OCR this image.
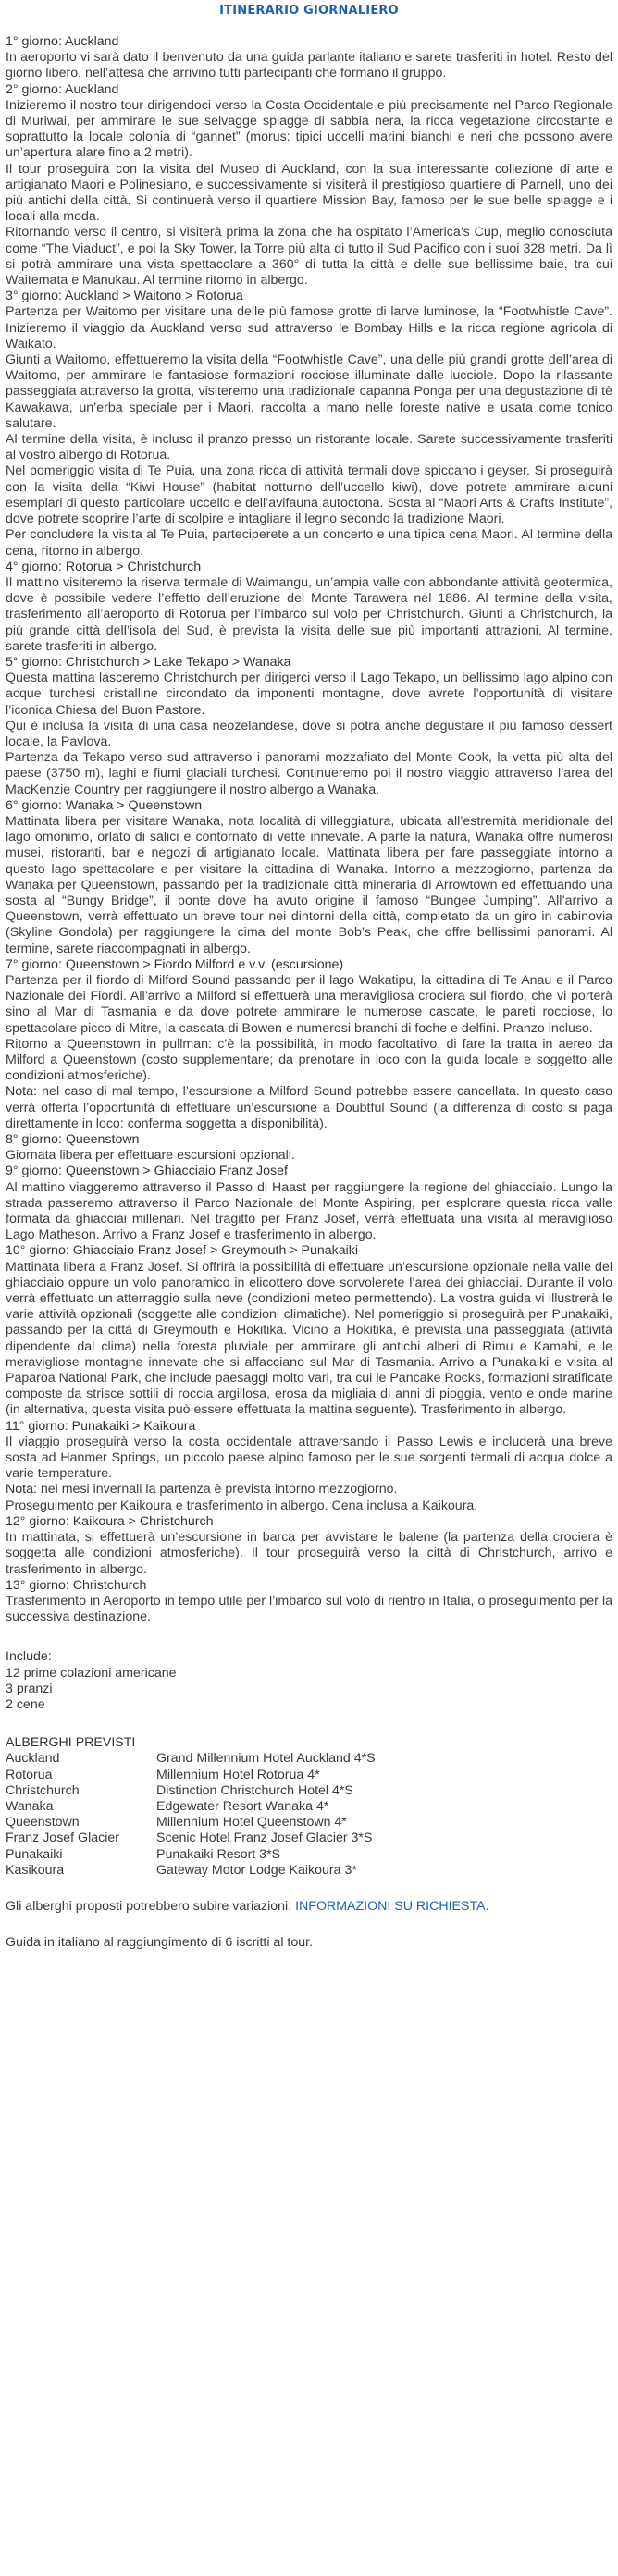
ITINERARIO GIORNALIERO

1° giorno: Auckland

In aeroporto vi sarà dato il benvenuto da una guida parlante italiano e sarete trasferiti in hotel. Resto del giorno libero, nell’attesa che arrivino tutti partecipanti che formano il gruppo.

2° giorno: Auckland

Inizieremo il nostro tour dirigendoci verso la Costa Occidentale e più precisamente nel Parco Regionale di Muriwai, per ammirare le sue selvagge spiagge di sabbia nera, la ricca vegetazione circostante e soprattutto la locale colonia di “gannet” (morus: tipici uccelli marini bianchi e neri che possono avere un’apertura alare fino a 2 metri).

Il tour proseguirà con la visita del Museo di Auckland, con la sua interessante collezione di arte e artigianato Maori e Polinesiano, e successivamente si visiterà il prestigioso quartiere di Parnell, uno dei più antichi della città. Si continuerà verso il quartiere Mission Bay, famoso per le sue belle spiagge e i locali alla moda.

Ritornando verso il centro, si visiterà prima la zona che ha ospitato l’America’s Cup, meglio conosciuta come “The Viaduct”, e poi la Sky Tower, la Torre più alta di tutto il Sud Pacifico con i suoi 328 metri. Da lì si potrà ammirare una vista spettacolare a 360° di tutta la città e delle sue bellissime baie, tra cui Waitemata e Manukau. Al termine ritorno in albergo.

3° giorno: Auckland > Waitono > Rotorua

Partenza per Waitomo per visitare una delle più famose grotte di larve luminose, la “Footwhistle Cave”. Inizieremo il viaggio da Auckland verso sud attraverso le Bombay Hills e la ricca regione agricola di Waikato.

Giunti a Waitomo, effettueremo la visita della “Footwhistle Cave”, una delle più grandi grotte dell’area di Waitomo, per ammirare le fantasiose formazioni rocciose illuminate dalle lucciole. Dopo la rilassante passeggiata attraverso la grotta, visiteremo una tradizionale capanna Ponga per una degustazione di tè Kawakawa, un’erba speciale per i Maori, raccolta a mano nelle foreste native e usata come tonico salutare.

Al termine della visita, è incluso il pranzo presso un ristorante locale. Sarete successivamente trasferiti al vostro albergo di Rotorua.

Nel pomeriggio visita di Te Puia, una zona ricca di attività termali dove spiccano i geyser. Si proseguirà con la visita della “Kiwi House” (habitat notturno dell’uccello kiwi), dove potrete ammirare alcuni esemplari di questo particolare uccello e dell’avifauna autoctona. Sosta al “Maori Arts & Crafts Institute”, dove potrete scoprire l’arte di scolpire e intagliare il legno secondo la tradizione Maori.

Per concludere la visita al Te Puia, parteciperete a un concerto e una tipica cena Maori. Al termine della cena, ritorno in albergo.

4° giorno: Rotorua > Christchurch

Il mattino visiteremo la riserva termale di Waimangu, un’ampia valle con abbondante attività geotermica, dove è possibile vedere l’effetto dell’eruzione del Monte Tarawera nel 1886. Al termine della visita, trasferimento all’aeroporto di Rotorua per l’imbarco sul volo per Christchurch. Giunti a Christchurch, la più grande città dell’isola del Sud, è prevista la visita delle sue più importanti attrazioni. Al termine, sarete trasferiti in albergo.

5° giorno: Christchurch > Lake Tekapo > Wanaka

Questa mattina lasceremo Christchurch per dirigerci verso il Lago Tekapo, un bellissimo lago alpino con acque turchesi cristalline circondato da imponenti montagne, dove avrete l’opportunità di visitare l’iconica Chiesa del Buon Pastore.

Qui è inclusa la visita di una casa neozelandese, dove si potrà anche degustare il più famoso dessert locale, la Pavlova.

Partenza da Tekapo verso sud attraverso i panorami mozzafiato del Monte Cook, la vetta più alta del paese (3750 m), laghi e fiumi glaciali turchesi. Continueremo poi il nostro viaggio attraverso l’area del MacKenzie Country per raggiungere il nostro albergo a Wanaka.

6° giorno: Wanaka > Queenstown

Mattinata libera per visitare Wanaka, nota località di villeggiatura, ubicata all’estremità meridionale del lago omonimo, orlato di salici e contornato di vette innevate. A parte la natura, Wanaka offre numerosi musei, ristoranti, bar e negozi di artigianato locale. Mattinata libera per fare passeggiate intorno a questo lago spettacolare e per visitare la cittadina di Wanaka. Intorno a mezzogiorno, partenza da Wanaka per Queenstown, passando per la tradizionale città mineraria di Arrowtown ed effettuando una sosta al “Bungy Bridge”, il ponte dove ha avuto origine il famoso “Bungee Jumping”. All’arrivo a Queenstown, verrà effettuato un breve tour nei dintorni della città, completato da un giro in cabinovia (Skyline Gondola) per raggiungere la cima del monte Bob’s Peak, che offre bellissimi panorami. Al termine, sarete riaccompagnati in albergo.

7° giorno: Queenstown > Fiordo Milford e v.v. (escursione)

Partenza per il fiordo di Milford Sound passando per il lago Wakatipu, la cittadina di Te Anau e il Parco Nazionale dei Fiordi. All’arrivo a Milford si effettuerà una meravigliosa crociera sul fiordo, che vi porterà sino al Mar di Tasmania e da dove potrete ammirare le numerose cascate, le pareti rocciose, lo spettacolare picco di Mitre, la cascata di Bowen e numerosi branchi di foche e delfini. Pranzo incluso.

Ritorno a Queenstown in pullman: c’è la possibilità, in modo facoltativo, di fare la tratta in aereo da Milford a Queenstown (costo supplementare; da prenotare in loco con la guida locale e soggetto alle condizioni atmosferiche).

Nota: nel caso di mal tempo, l’escursione a Milford Sound potrebbe essere cancellata. In questo caso verrà offerta l’opportunità di effettuare un’escursione a Doubtful Sound (la differenza di costo si paga direttamente in loco: conferma soggetta a disponibilità).

8° giorno: Queenstown

Giornata libera per effettuare escursioni opzionali.

9° giorno: Queenstown > Ghiacciaio Franz Josef

Al mattino viaggeremo attraverso il Passo di Haast per raggiungere la regione del ghiacciaio. Lungo la strada passeremo attraverso il Parco Nazionale del Monte Aspiring, per esplorare questa ricca valle formata da ghiacciai millenari. Nel tragitto per Franz Josef, verrà effettuata una visita al meraviglioso Lago Matheson. Arrivo a Franz Josef e trasferimento in albergo.

10° giorno: Ghiacciaio Franz Josef > Greymouth > Punakaiki

Mattinata libera a Franz Josef. Si offrirà la possibilità di effettuare un’escursione opzionale nella valle del ghiacciaio oppure un volo panoramico in elicottero dove sorvolerete l’area dei ghiacciai. Durante il volo verrà effettuato un atterraggio sulla neve (condizioni meteo permettendo). La vostra guida vi illustrerà le varie attività opzionali (soggette alle condizioni climatiche). Nel pomeriggio si proseguirà per Punakaiki, passando per la città di Greymouth e Hokitika. Vicino a Hokitika, è prevista una passeggiata (attività dipendente dal clima) nella foresta pluviale per ammirare gli antichi alberi di Rimu e Kamahi, e le meravigliose montagne innevate che si affacciano sul Mar di Tasmania. Arrivo a Punakaiki e visita al Paparoa National Park, che include paesaggi molto vari, tra cui le Pancake Rocks, formazioni stratificate composte da strisce sottili di roccia argillosa, erosa da migliaia di anni di pioggia, vento e onde marine (in alternativa, questa visita può essere effettuata la mattina seguente). Trasferimento in albergo.

11° giorno: Punakaiki > Kaikoura

Il viaggio proseguirà verso la costa occidentale attraversando il Passo Lewis e includerà una breve sosta ad Hanmer Springs, un piccolo paese alpino famoso per le sue sorgenti termali di acqua dolce a varie temperature.

Nota: nei mesi invernali la partenza è prevista intorno mezzogiorno.

Proseguimento per Kaikoura e trasferimento in albergo. Cena inclusa a Kaikoura.

12° giorno: Kaikoura > Christchurch

In mattinata, si effettuerà un’escursione in barca per avvistare le balene (la partenza della crociera è soggetta alle condizioni atmosferiche). Il tour proseguirà verso la città di Christchurch, arrivo e trasferimento in albergo.

13° giorno: Christchurch

Trasferimento in Aeroporto in tempo utile per l’imbarco sul volo di rientro in Italia, o proseguimento per la successiva destinazione.

Include:

12 prime colazioni americane

3 pranzi

2 cene

ALBERGHI PREVISTI

Auckland	Grand Millennium Hotel Auckland 4*S
Rotorua	Millennium Hotel Rotorua 4*
Christchurch	Distinction Christchurch Hotel 4*S
Wanaka	Edgewater Resort Wanaka 4*
Queenstown	Millennium Hotel Queenstown 4*
Franz Josef Glacier	Scenic Hotel Franz Josef Glacier 3*S
Punakaiki	Punakaiki Resort 3*S
Kasikoura	Gateway Motor Lodge Kaikoura 3*

Gli alberghi proposti potrebbero subire variazioni: INFORMAZIONI SU RICHIESTA.

Guida in italiano al raggiungimento di 6 iscritti al tour.
